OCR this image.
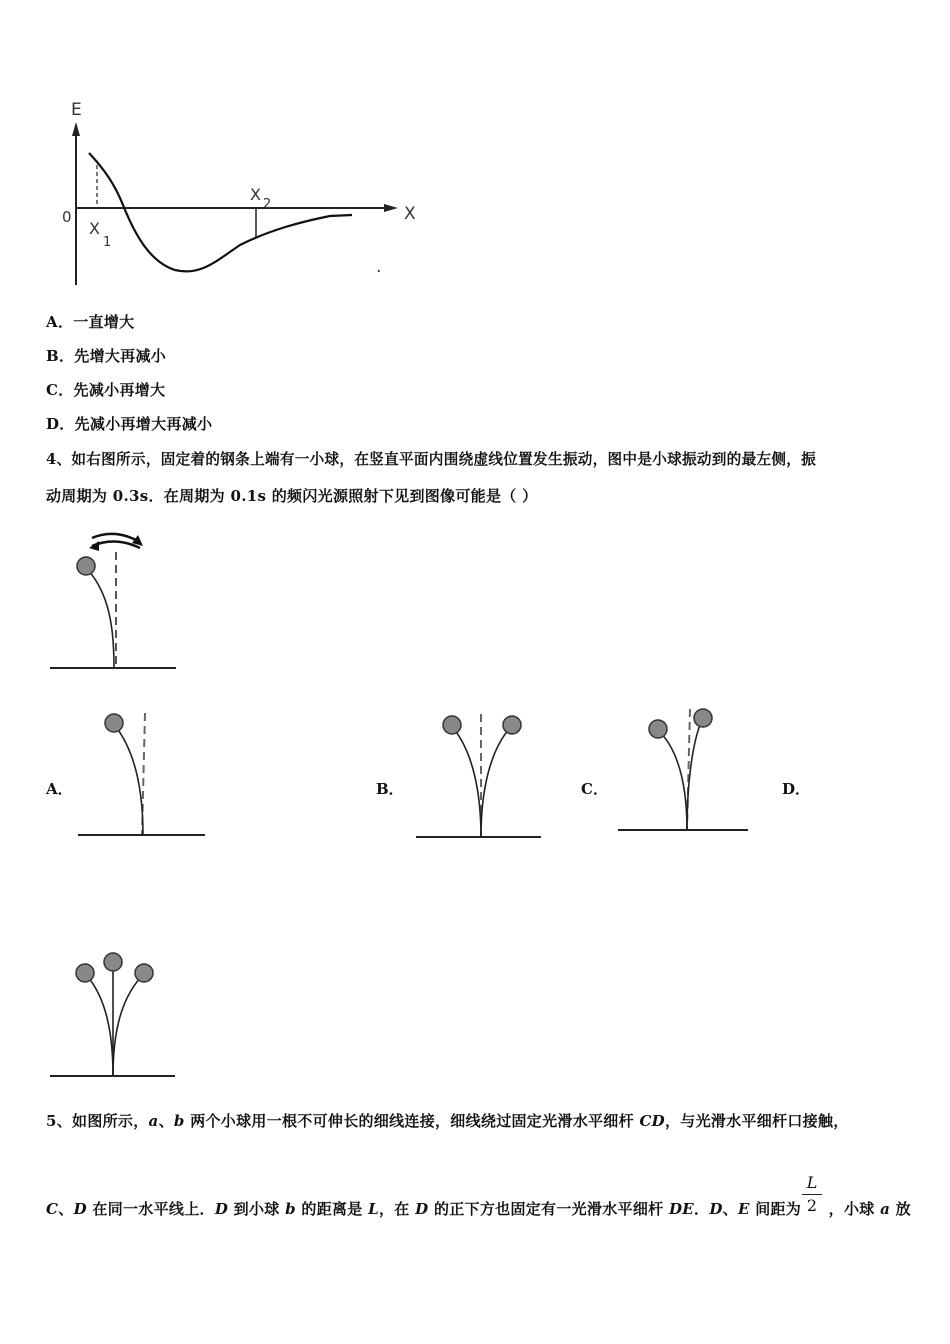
E
X
0
X
1
X
2
.
A．一直增大
B．先增大再减小
C．先减小再增大
D．先减小再增大再减小
4、如右图所示，固定着的钢条上端有一小球，在竖直平面内围绕虚线位置发生振动，图中是小球振动到的最左侧，振
动周期为 0.3s．在周期为 0.1s 的频闪光源照射下见到图像可能是（ ）
A．	B．	C．	D．
5、如图所示，a、b 两个小球用一根不可伸长的细线连接，细线绕过固定光滑水平细杆 CD，与光滑水平细杆口接触，
C、D 在同一水平线上．D 到小球 b 的距离是 L，在 D 的正下方也固定有一光滑水平细杆 DE．D、E 间距为 ，小球 a 放
L
2
